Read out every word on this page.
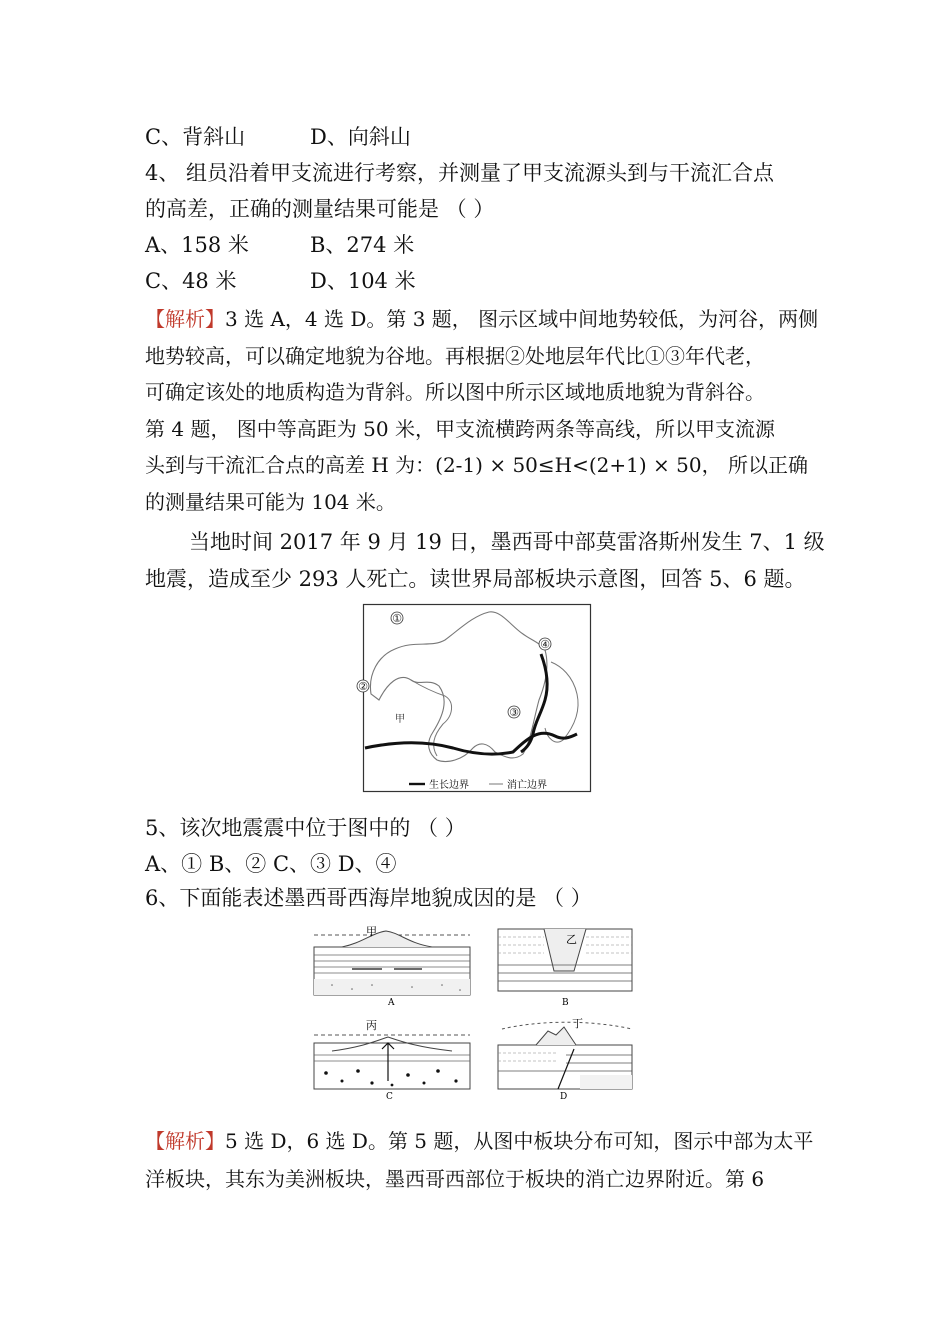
C、背斜山	D、向斜山
4、 组员沿着甲支流进行考察，并测量了甲支流源头到与干流汇合点
的高差，正确的测量结果可能是 （ ）
A、158 米	B、274 米
C、48 米	D、104 米
【解析】3 选 A，4 选 D。第 3 题， 图示区域中间地势较低，为河谷，两侧
地势较高，可以确定地貌为谷地。再根据②处地层年代比①③年代老，
可确定该处的地质构造为背斜。所以图中所示区域地质地貌为背斜谷。
第 4 题， 图中等高距为 50 米，甲支流横跨两条等高线，所以甲支流源
头到与干流汇合点的高差 H 为：(2-1) × 50≤H<(2+1) × 50， 所以正确
的测量结果可能为 104 米。
当地时间 2017 年 9 月 19 日，墨西哥中部莫雷洛斯州发生 7、1 级
地震，造成至少 293 人死亡。读世界局部板块示意图，回答 5、6 题。
①
②
③
④
甲
生长边界	消亡边界
5、该次地震震中位于图中的 （ ）
A、① B、② C、③ D、④
6、下面能表述墨西哥西海岸地貌成因的是 （ ）
甲
A
乙
B
丙
C
丁
D
【解析】5 选 D，6 选 D。第 5 题，从图中板块分布可知，图示中部为太平
洋板块，其东为美洲板块，墨西哥西部位于板块的消亡边界附近。第 6
